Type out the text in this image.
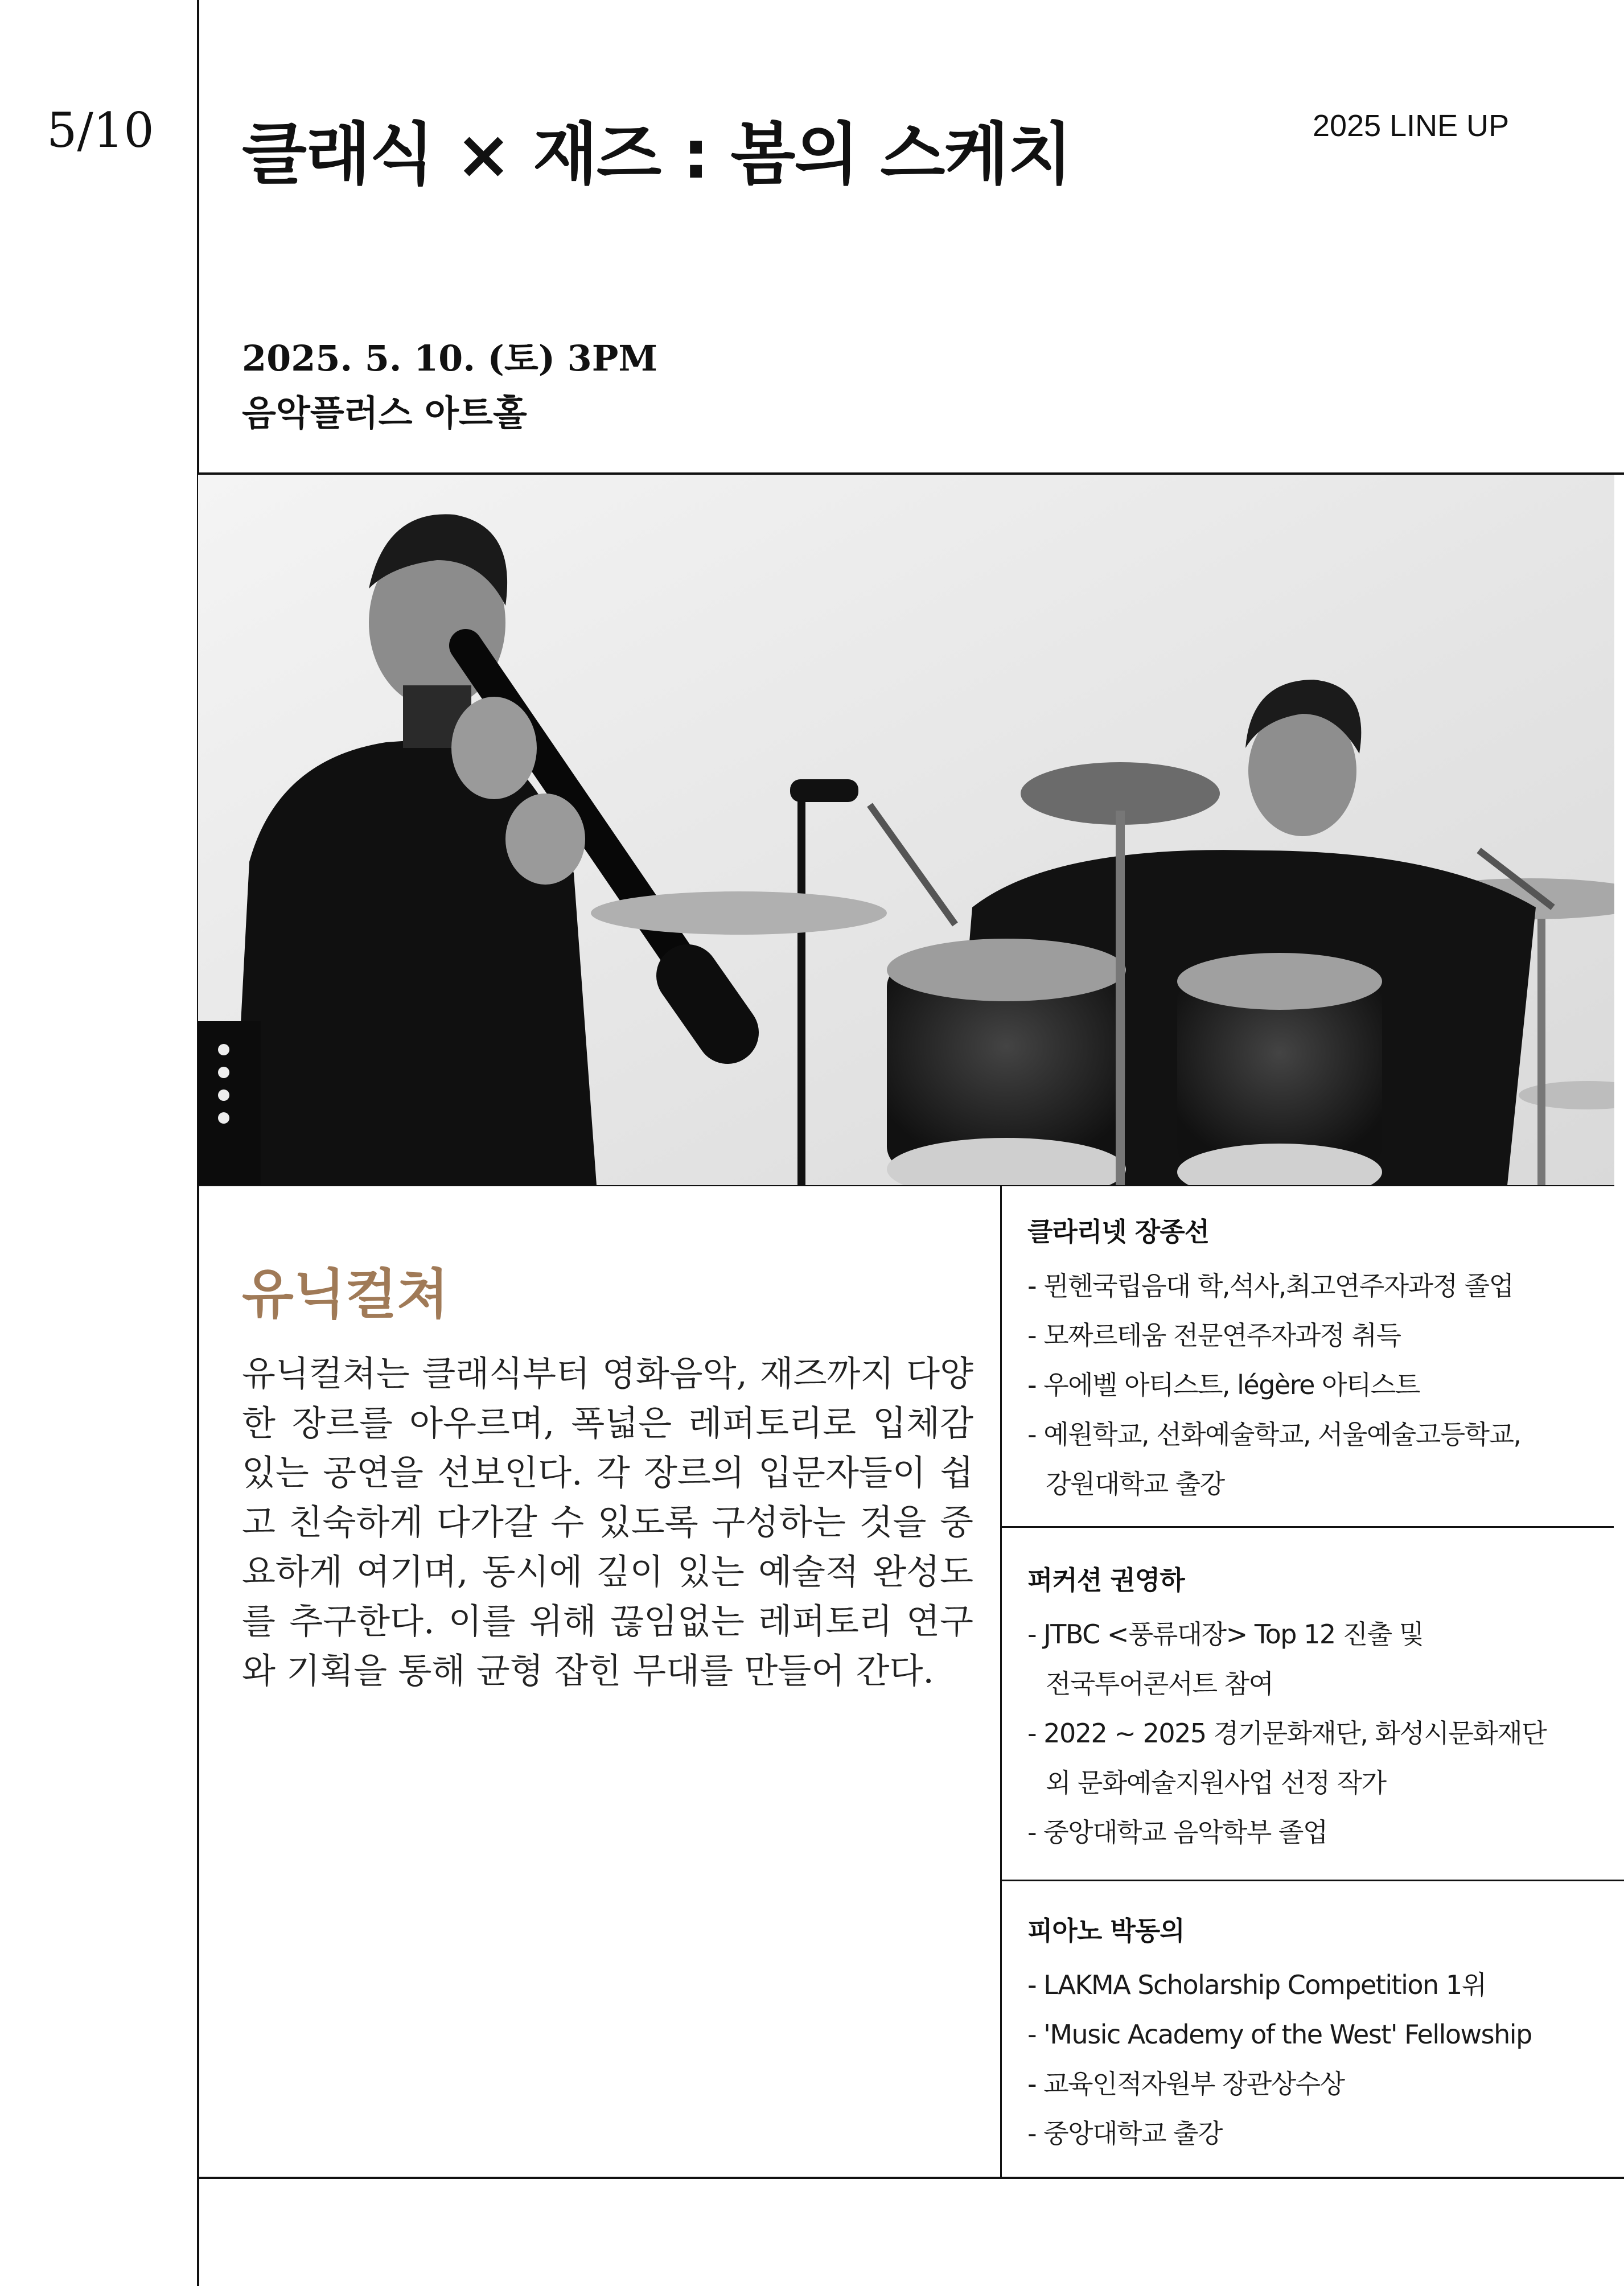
5/10 클래식 × 재즈 : 봄의 스케치	2025 LINE UP
2025. 5. 10. (토) 3PM
음악플러스 아트홀
유닉컬쳐
유닉컬쳐는 클래식부터 영화음악, 재즈까지 다양한 장르를 아우르며, 폭넓은 레퍼토리로 입체감 있는 공연을 선보인다. 각 장르의 입문자들이 쉽고 친숙하게 다가갈 수 있도록 구성하는 것을 중요하게 여기며, 동시에 깊이 있는 예술적 완성도를 추구한다. 이를 위해 끊임없는 레퍼토리 연구와 기획을 통해 균형 잡힌 무대를 만들어 간다.
클라리넷 장종선
- 뮌헨국립음대 학,석사,최고연주자과정 졸업
- 모짜르테움 전문연주자과정 취득
- 우에벨 아티스트, légère 아티스트
- 예원학교, 선화예술학교, 서울예술고등학교,
강원대학교 출강
퍼커션 권영하
- JTBC <풍류대장> Top 12 진출 및
전국투어콘서트 참여
- 2022 ~ 2025 경기문화재단, 화성시문화재단
외 문화예술지원사업 선정 작가
- 중앙대학교 음악학부 졸업
피아노 박동의
- LAKMA Scholarship Competition 1위
- 'Music Academy of the West' Fellowship
- 교육인적자원부 장관상수상
- 중앙대학교 출강
